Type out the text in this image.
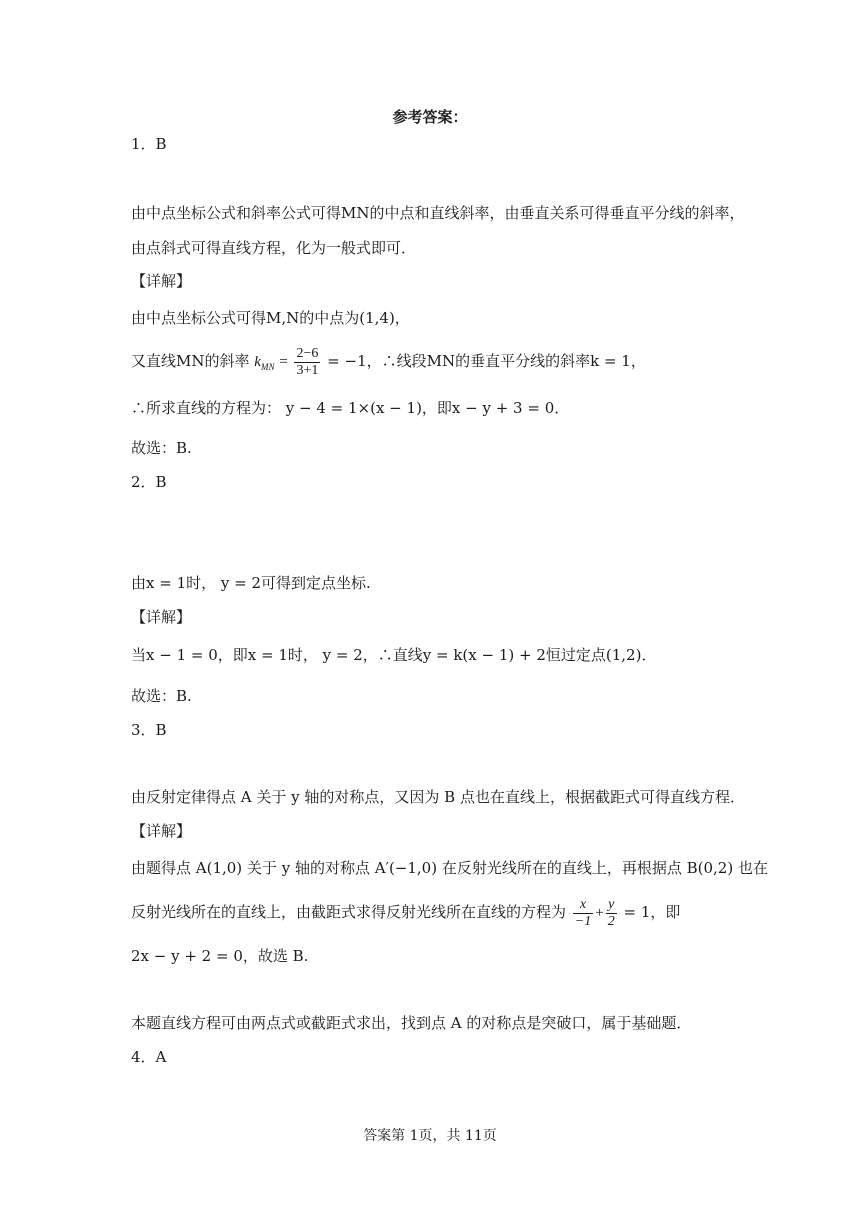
参考答案：
1．B
由中点坐标公式和斜率公式可得MN的中点和直线斜率，由垂直关系可得垂直平分线的斜率，
由点斜式可得直线方程，化为一般式即可．
【详解】
由中点坐标公式可得M,N的中点为(1,4)，
又直线MN的斜率 $k_{MN} = \frac{2-6}{3+1} = -1$，∴线段MN的垂直平分线的斜率k = 1，
∴所求直线的方程为： y − 4 = 1×(x − 1)，即x − y + 3 = 0．
故选：B.
2．B
由x = 1时， y = 2可得到定点坐标.
【详解】
当x − 1 = 0，即x = 1时， y = 2，∴直线y = k(x − 1) + 2恒过定点(1,2)．
故选：B.
3．B
由反射定律得点 A 关于 y 轴的对称点，又因为 B 点也在直线上，根据截距式可得直线方程．
【详解】
由题得点 A(1,0) 关于 y 轴的对称点 A′(−1,0) 在反射光线所在的直线上，再根据点 B(0,2) 也在
反射光线所在的直线上，由截距式求得反射光线所在直线的方程为 $\frac{x}{-1} + \frac{y}{2} = 1$，即
2x − y + 2 = 0，故选 B.
本题直线方程可由两点式或截距式求出，找到点 A 的对称点是突破口，属于基础题．
4．A
答案第 1页，共 11页
